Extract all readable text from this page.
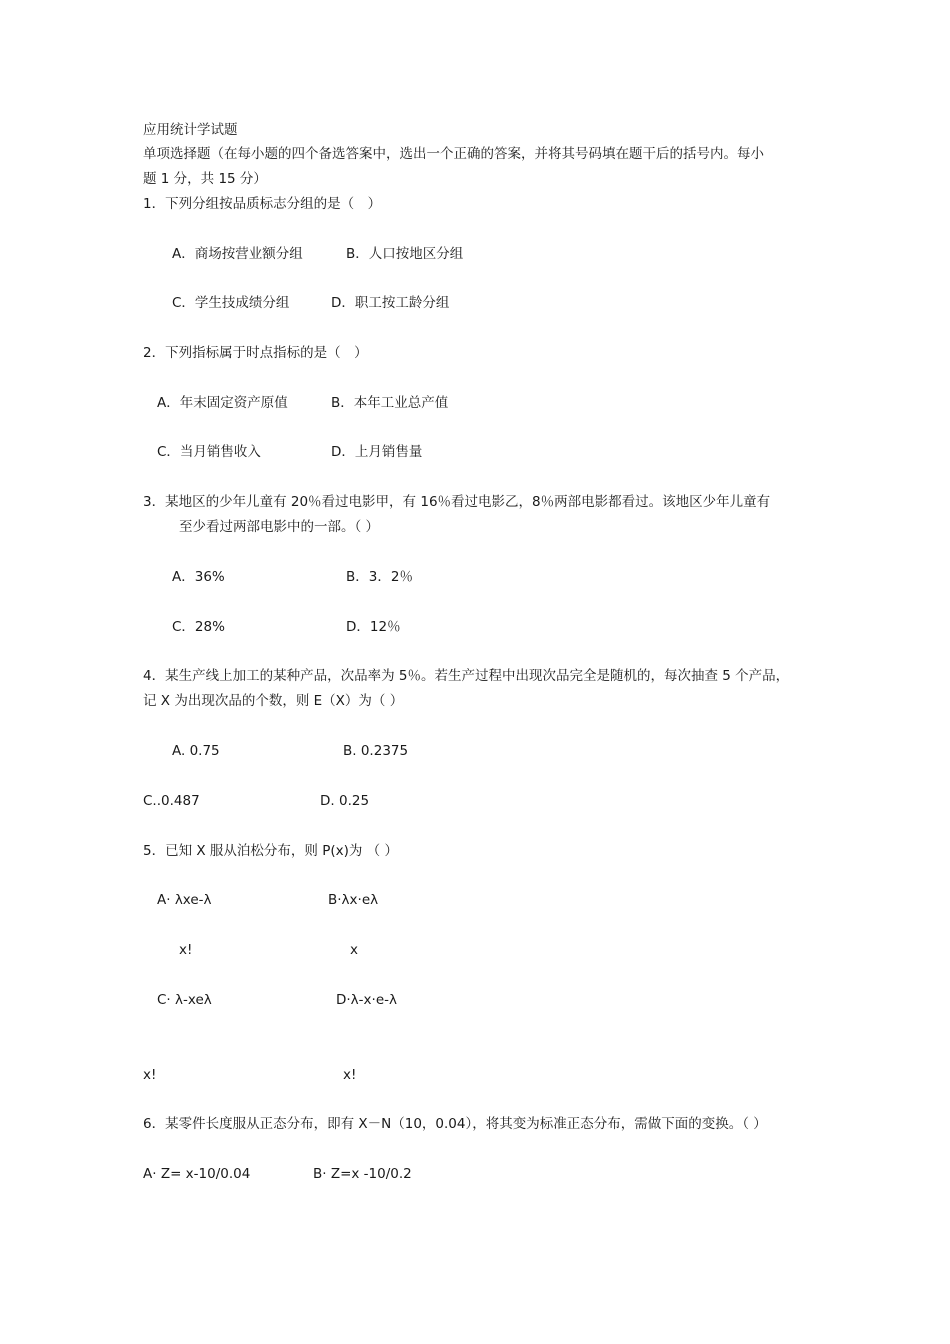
应用统计学试题
单项选择题（在每小题的四个备选答案中，选出一个正确的答案，并将其号码填在题干后的括号内。每小
题 1 分，共 15 分）
1．下列分组按品质标志分组的是（　）
A．商场按营业额分组	B．人口按地区分组
C．学生技成绩分组	D．职工按工龄分组
2．下列指标属于时点指标的是（　）
A．年末固定资产原值	B．本年工业总产值
C．当月销售收入	D．上月销售量
3．某地区的少年儿童有 20％看过电影甲，有 16％看过电影乙，8％两部电影都看过。该地区少年儿童有
至少看过两部电影中的一部。（ ）
A．36%	B．3．2％
C．28%	D．12％
4．某生产线上加工的某种产品，次品率为 5％。若生产过程中出现次品完全是随机的，每次抽查 5 个产品，
记 X 为出现次品的个数，则 E（X）为（ ）
A. 0.75	B. 0.2375
C..0.487	D. 0.25
5．已知 X 服从泊松分布，则 P(x)为 （ ）
A· λxe-λ	B·λx·eλ
x!	x
C· λ-xeλ	D·λ-x·e-λ
x!	x!
6．某零件长度服从正态分布，即有 X－N（10，0.04），将其变为标准正态分布，需做下面的变换。（ ）
A· Z= x-10/0.04	B· Z=x -10/0.2
